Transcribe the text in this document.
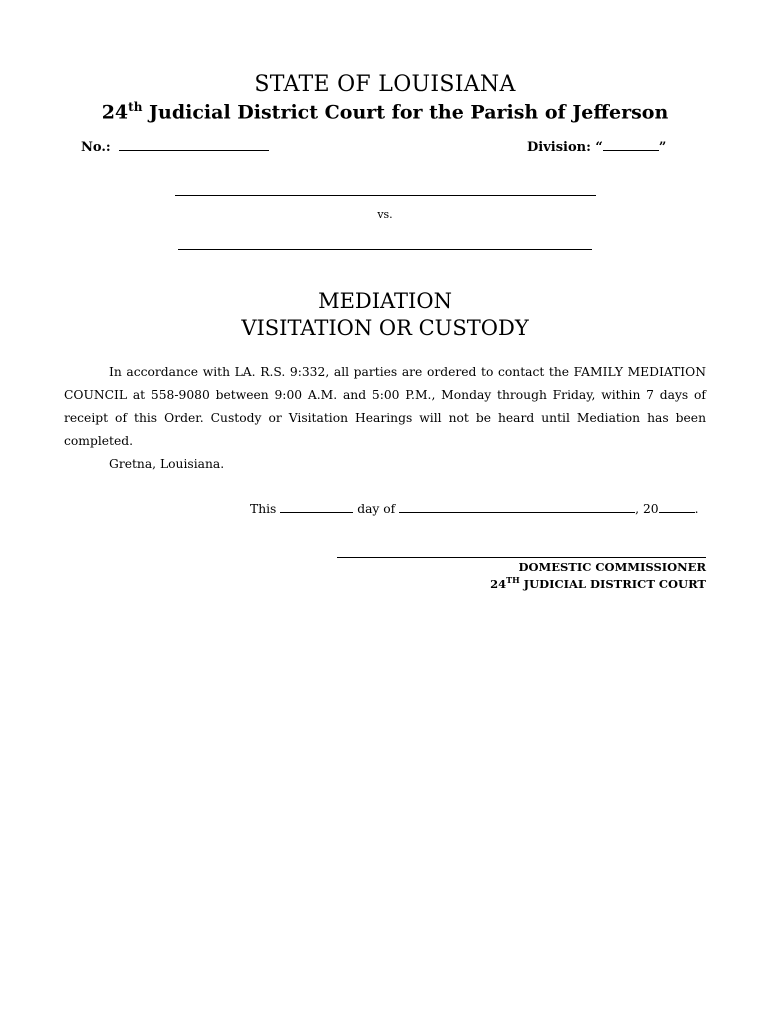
STATE OF LOUISIANA
24th Judicial District Court for the Parish of Jefferson
No.:	Division: “	”
vs.
MEDIATION
VISITATION OR CUSTODY

In accordance with LA. R.S. 9:332, all parties are ordered to contact the FAMILY MEDIATION COUNCIL at 558-9080 between 9:00 A.M. and 5:00 P.M., Monday through Friday, within 7 days of receipt of this Order. Custody or Visitation Hearings will not be heard until Mediation has been completed.

Gretna, Louisiana.

This	day of	, 20	.
DOMESTIC COMMISSIONER
24TH JUDICIAL DISTRICT COURT
